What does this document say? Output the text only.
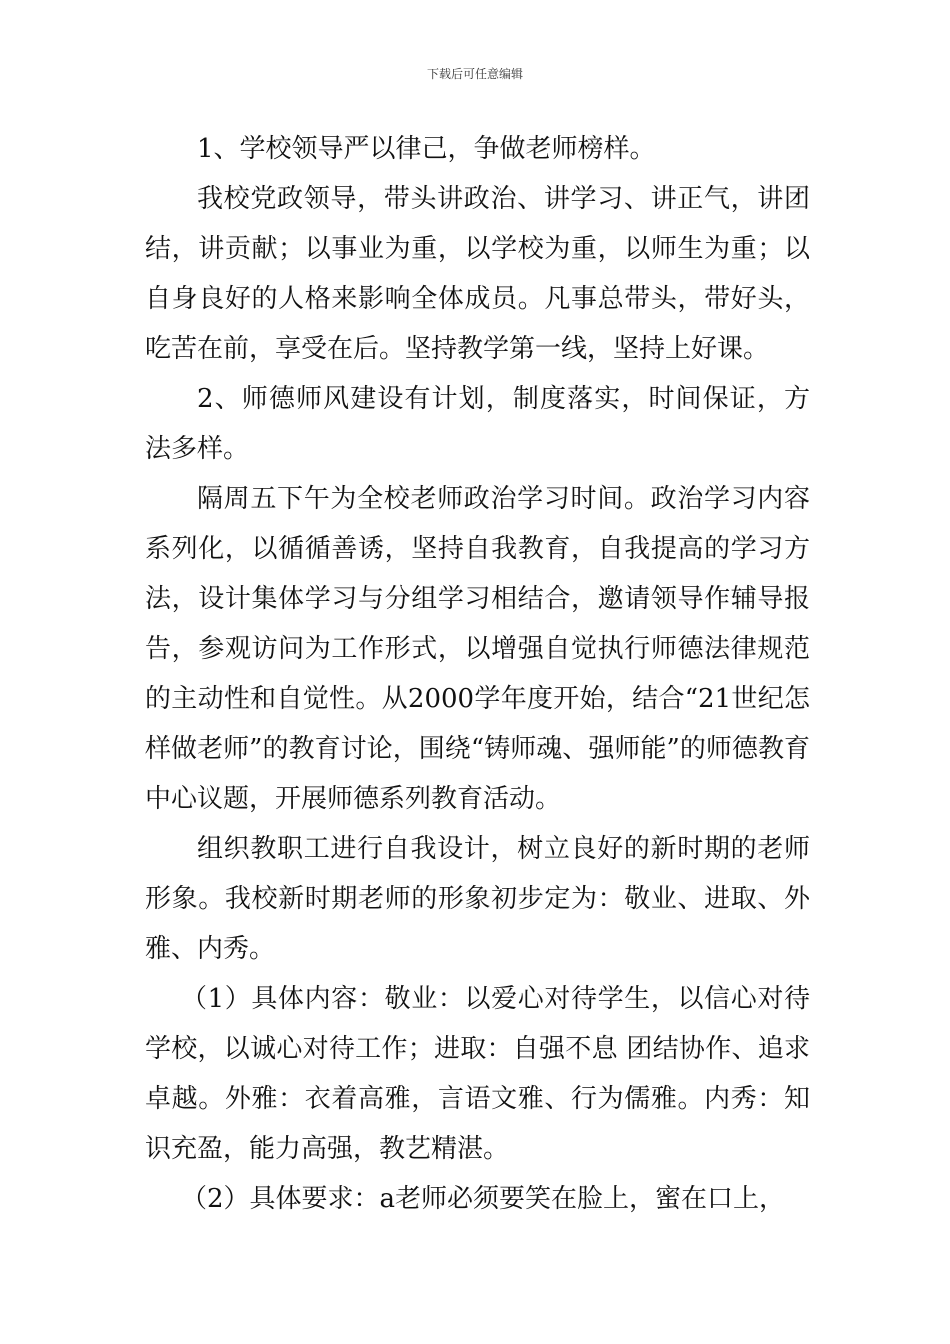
下载后可任意编辑

1、学校领导严以律己，争做老师榜样。

我校党政领导，带头讲政治、讲学习、讲正气，讲团结，讲贡献；以事业为重，以学校为重，以师生为重；以自身良好的人格来影响全体成员。凡事总带头，带好头，吃苦在前，享受在后。坚持教学第一线，坚持上好课。

2、师德师风建设有计划，制度落实，时间保证，方法多样。

隔周五下午为全校老师政治学习时间。政治学习内容系列化，以循循善诱，坚持自我教育，自我提高的学习方法，设计集体学习与分组学习相结合，邀请领导作辅导报告，参观访问为工作形式，以增强自觉执行师德法律规范的主动性和自觉性。从2000学年度开始，结合“21世纪怎样做老师”的教育讨论，围绕“铸师魂、强师能”的师德教育中心议题，开展师德系列教育活动。

组织教职工进行自我设计，树立良好的新时期的老师形象。我校新时期老师的形象初步定为：敬业、进取、外雅、内秀。

（1）具体内容：敬业：以爱心对待学生，以信心对待学校，以诚心对待工作；进取：自强不息 团结协作、追求卓越。外雅：衣着高雅，言语文雅、行为儒雅。内秀：知识充盈，能力高强，教艺精湛。

（2）具体要求：a老师必须要笑在脸上，蜜在口上，
